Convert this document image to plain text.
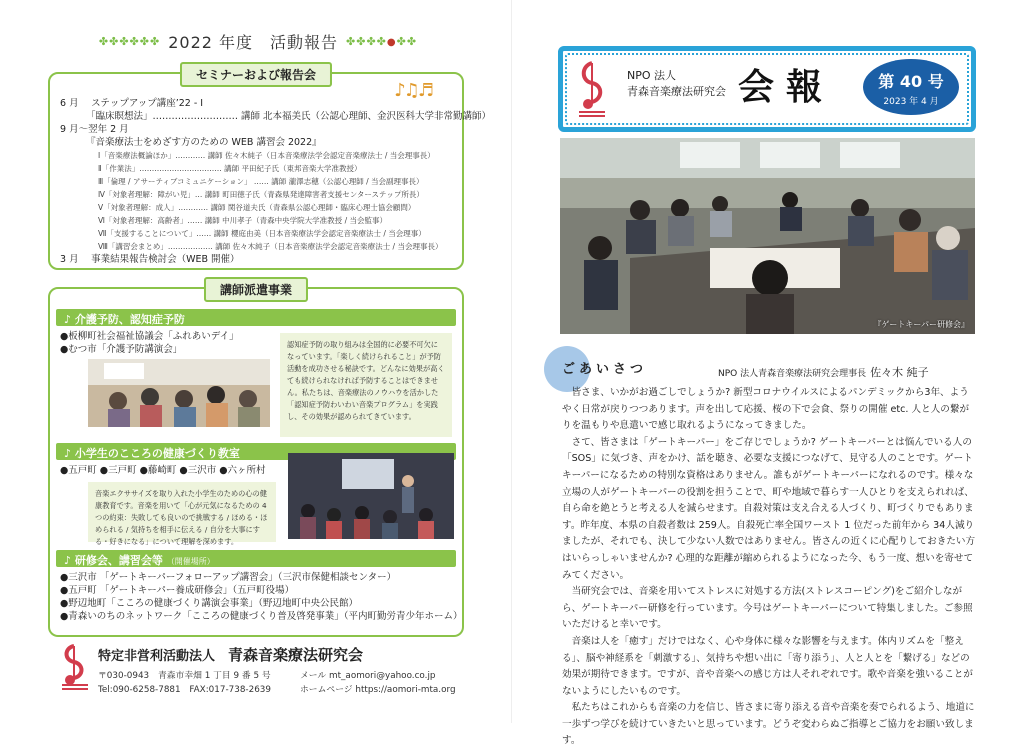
✤✤✤✤✤✤ 2022 年度　活動報告 ✤✤✤✤●✤✤
セミナーおよび報告会
♪♫♬
6 月　 ステップアップ講座’22 - Ⅰ
「臨床瞑想法」……………………… 講師 北本福美氏（公認心理師、金沢医科大学非常勤講師）
9 月～翌年 2 月
『音楽療法士をめざす方のための WEB 講習会 2022』
Ⅰ「音楽療法概論ほか」………… 講師 佐々木純子（日本音楽療法学会認定音楽療法士 / 当会理事長）
Ⅱ「作業法」…………………………… 講師 平田紀子氏（東邦音楽大学准教授）
Ⅲ「倫理 / アサーティブコミュニケーション」 …… 講師 瀧澤志穂（公認心理師 / 当会副理事長）
Ⅳ「対象者理解：障がい児」… 講師 町田徳子氏（青森県発達障害者支援センターステップ所長）
Ⅴ「対象者理解：成人」………… 講師 関谷道夫氏（青森県公認心理師・臨床心理士協会顧問）
Ⅵ「対象者理解：高齢者」…… 講師 中川孝子（青森中央学院大学准教授 / 当会監事）
Ⅶ「支援することについて」…… 講師 櫻庭由美（日本音楽療法学会認定音楽療法士 / 当会理事）
Ⅷ「講習会まとめ」……………… 講師 佐々木純子（日本音楽療法学会認定音楽療法士 / 当会理事長）
3 月　 事業結果報告検討会（WEB 開催）
講師派遣事業
♪ 介護予防、認知症予防
●板柳町社会福祉協議会「ふれあいデイ」
●むつ市「介護予防講演会」	認知症予防の取り組みは全国的に必要不可欠になっています。「楽しく続けられること」が予防活動を成功させる秘訣です。どんなに効果が高くても続けられなければ予防することはできません。私たちは、音楽療法のノウハウを活かした「認知症予防わいわい音楽プログラム」を実践し、その効果が認められてきています。
♪ 小学生のこころの健康づくり教室
●五戸町 ●三戸町 ●藤崎町 ●三沢市 ●六ヶ所村
音楽エクササイズを取り入れた小学生のための心の健康教育です。音楽を用いて「心が元気になるための 4 つの約束：失敗しても良いので挑戦する / ほめる・ほめられる / 気持ちを相手に伝える / 自分を大事にする・好きになる」について理解を深めます。
♪ 研修会、講習会等 （開催場所）
●三沢市 「ゲートキーパーフォローアップ講習会」（三沢市保健相談センター）
●五戸町 「ゲートキーパー養成研修会」（五戸町役場）
●野辺地町「こころの健康づくり講演会事業」（野辺地町中央公民館）
●青森いのちのネットワーク「こころの健康づくり普及啓発事業」（平内町勤労青少年ホーム）
特定非営利活動法人　 青森音楽療法研究会
〒030-0943　青森市幸畑 1 丁目 9 番 5 号	メール mt_aomori@yahoo.co.jp
Tel:090-6258-7881　FAX:017-738-2639	ホームページ https://aomori-mta.org
NPO 法人
青森音楽療法研究会 会報	第 40 号
2023 年 4 月
『ゲートキーパー研修会』
ごあいさつ	NPO 法人青森音楽療法研究会理事長 佐々木 純子

皆さま、いかがお過ごしでしょうか? 新型コロナウイルスによるパンデミックから3年、ようやく日常が戻りつつあります。声を出して応援、桜の下で会食、祭りの開催 etc. 人と人の繋がりを温もりや息遣いで感じ取れるようになってきました。

さて、皆さまは「ゲートキーパー」をご存じでしょうか? ゲートキーパーとは悩んでいる人の「SOS」に気づき、声をかけ、話を聴き、必要な支援につなげて、見守る人のことです。ゲートキーパーになるための特別な資格はありません。誰もがゲートキーパーになれるのです。様々な立場の人がゲートキーパーの役割を担うことで、町や地域で暮らす一人ひとりを支えられれば、自ら命を絶とうと考える人を減らせます。自殺対策は支え合える人づくり、町づくりでもあります。昨年度、本県の自殺者数は 259人。自殺死亡率全国ワースト 1 位だった前年から 34人減りましたが、それでも、決して少ない人数ではありません。皆さんの近くに心配りしておきたい方はいらっしゃいませんか? 心理的な距離が縮められるようになった今、もう一度、想いを寄せてみてください。

当研究会では、音楽を用いてストレスに対処する方法(ストレスコーピング)をご紹介しながら、ゲートキーパー研修を行っています。今号はゲートキーパーについて特集しました。ご参照いただけると幸いです。

音楽は人を「癒す」だけではなく、心や身体に様々な影響を与えます。体内リズムを「整える」、脳や神経系を「刺激する」、気持ちや想い出に「寄り添う」、人と人とを「繋げる」などの効果が期待できます。ですが、音や音楽への感じ方は人それぞれです。歌や音楽を強いることがないようにしたいものです。

私たちはこれからも音楽の力を信じ、皆さまに寄り添える音や音楽を奏でられるよう、地道に一歩ずつ学びを続けていきたいと思っています。どうぞ変わらぬご指導とご協力をお願い致します。
